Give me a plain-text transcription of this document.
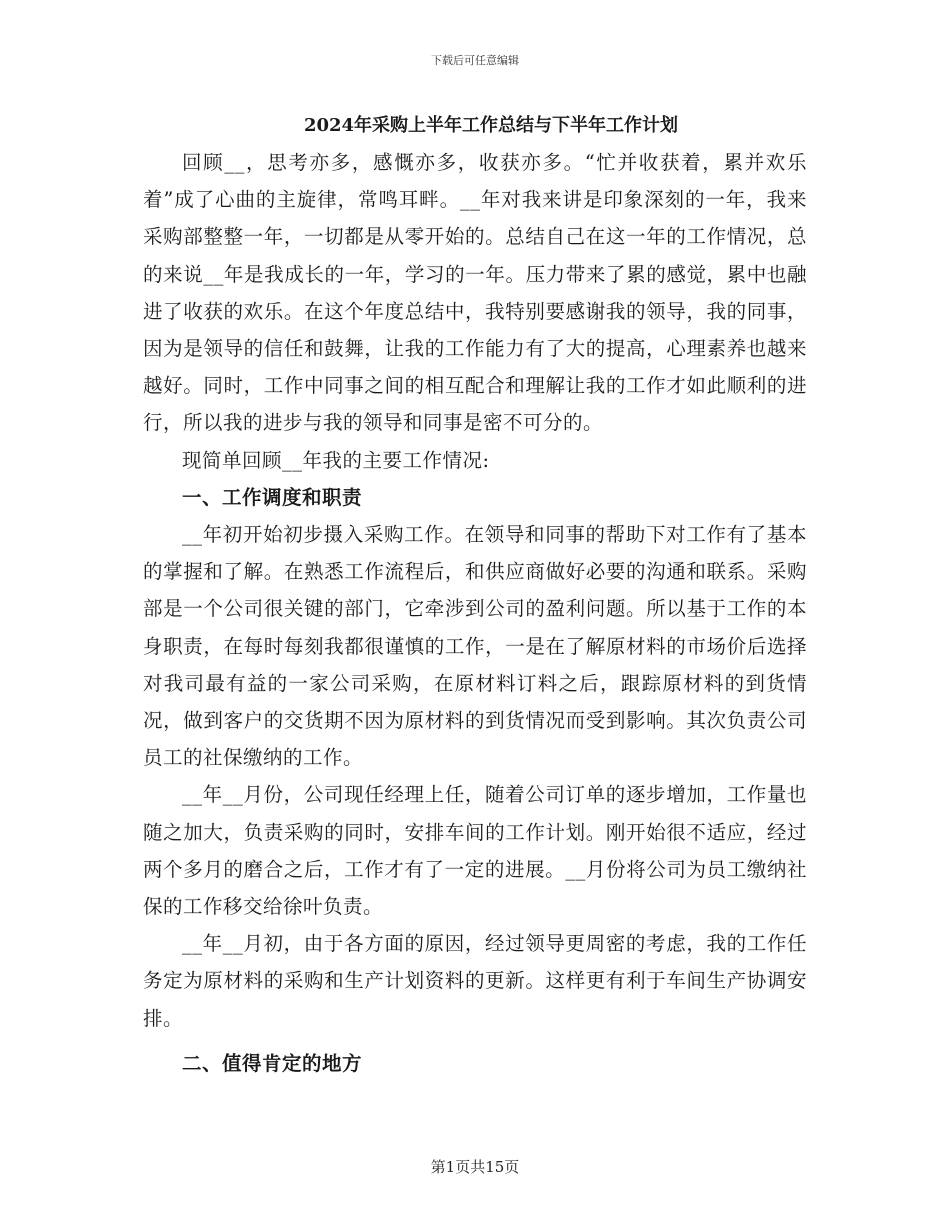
下载后可任意编辑
2024年采购上半年工作总结与下半年工作计划

回顾__，思考亦多，感慨亦多，收获亦多。“忙并收获着，累并欢乐着”成了心曲的主旋律，常鸣耳畔。__年对我来讲是印象深刻的一年，我来采购部整整一年，一切都是从零开始的。总结自己在这一年的工作情况，总的来说__年是我成长的一年，学习的一年。压力带来了累的感觉，累中也融进了收获的欢乐。在这个年度总结中，我特别要感谢我的领导，我的同事，因为是领导的信任和鼓舞，让我的工作能力有了大的提高，心理素养也越来越好。同时，工作中同事之间的相互配合和理解让我的工作才如此顺利的进行，所以我的进步与我的领导和同事是密不可分的。

现简单回顾__年我的主要工作情况:

一、工作调度和职责

__年初开始初步摄入采购工作。在领导和同事的帮助下对工作有了基本的掌握和了解。在熟悉工作流程后，和供应商做好必要的沟通和联系。采购部是一个公司很关键的部门，它牵涉到公司的盈利问题。所以基于工作的本身职责，在每时每刻我都很谨慎的工作，一是在了解原材料的市场价后选择对我司最有益的一家公司采购，在原材料订料之后，跟踪原材料的到货情况，做到客户的交货期不因为原材料的到货情况而受到影响。其次负责公司员工的社保缴纳的工作。

__年__月份，公司现任经理上任，随着公司订单的逐步增加，工作量也随之加大，负责采购的同时，安排车间的工作计划。刚开始很不适应，经过两个多月的磨合之后，工作才有了一定的进展。__月份将公司为员工缴纳社保的工作移交给徐叶负责。

__年__月初，由于各方面的原因，经过领导更周密的考虑，我的工作任务定为原材料的采购和生产计划资料的更新。这样更有利于车间生产协调安排。

二、值得肯定的地方

第1页共15页
